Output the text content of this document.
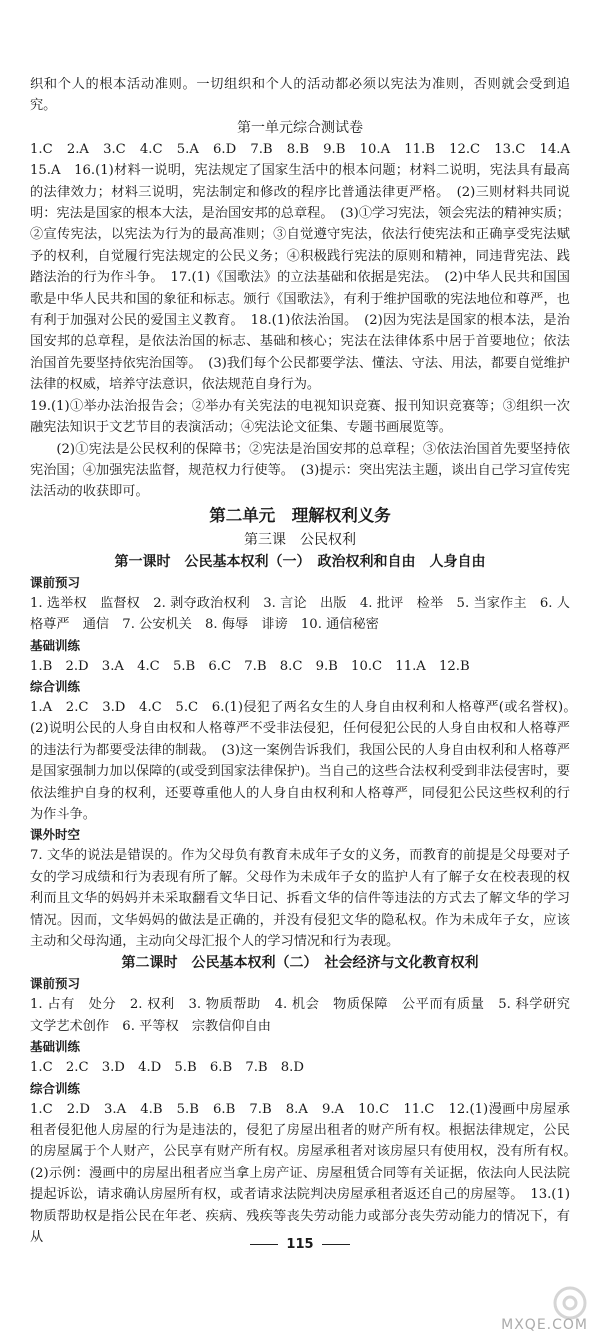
织和个人的根本活动准则。一切组织和个人的活动都必须以宪法为准则，否则就会受到追究。

第一单元综合测试卷

1.C　2.A　3.C　4.C　5.A　6.D　7.B　8.B　9.B　10.A　11.B　12.C　13.C　14.A　15.A　16.(1)材料一说明，宪法规定了国家生活中的根本问题；材料二说明，宪法具有最高的法律效力；材料三说明，宪法制定和修改的程序比普通法律更严格。　(2)三则材料共同说明：宪法是国家的根本大法，是治国安邦的总章程。　(3)①学习宪法，领会宪法的精神实质；②宣传宪法，以宪法为行为的最高准则；③自觉遵守宪法，依法行使宪法和正确享受宪法赋予的权利，自觉履行宪法规定的公民义务；④积极践行宪法的原则和精神，同违背宪法、践踏法治的行为作斗争。　17.(1)《国歌法》的立法基础和依据是宪法。　(2)中华人民共和国国歌是中华人民共和国的象征和标志。颁行《国歌法》，有利于维护国歌的宪法地位和尊严，也有利于加强对公民的爱国主义教育。　18.(1)依法治国。　(2)因为宪法是国家的根本法，是治国安邦的总章程，是依法治国的标志、基础和核心；宪法在法律体系中居于首要地位；依法治国首先要坚持依宪治国等。　(3)我们每个公民都要学法、懂法、守法、用法，都要自觉维护法律的权威，培养守法意识，依法规范自身行为。

19.(1)①举办法治报告会；②举办有关宪法的电视知识竞赛、报刊知识竞赛等；③组织一次融宪法知识于文艺节目的表演活动；④宪法论文征集、专题书画展览等。

(2)①宪法是公民权利的保障书；②宪法是治国安邦的总章程；③依法治国首先要坚持依宪治国；④加强宪法监督，规范权力行使等。　(3)提示：突出宪法主题，谈出自己学习宣传宪法活动的收获即可。

第二单元　理解权利义务

第三课　公民权利

第一课时　公民基本权利（一）　政治权利和自由　人身自由

课前预习

1. 选举权　监督权　2. 剥夺政治权利　3. 言论　出版　4. 批评　检举　5. 当家作主　6. 人格尊严　通信　7. 公安机关　8. 侮辱　诽谤　10. 通信秘密

基础训练

1.B　2.D　3.A　4.C　5.B　6.C　7.B　8.C　9.B　10.C　11.A　12.B

综合训练

1.A　2.C　3.D　4.C　5.C　6.(1)侵犯了两名女生的人身自由权利和人格尊严(或名誉权)。　(2)说明公民的人身自由权和人格尊严不受非法侵犯，任何侵犯公民的人身自由权和人格尊严的违法行为都要受法律的制裁。　(3)这一案例告诉我们，我国公民的人身自由权利和人格尊严是国家强制力加以保障的(或受到国家法律保护)。当自己的这些合法权利受到非法侵害时，要依法维护自身的权利，还要尊重他人的人身自由权利和人格尊严，同侵犯公民这些权利的行为作斗争。

课外时空

7. 文华的说法是错误的。作为父母负有教育未成年子女的义务，而教育的前提是父母要对子女的学习成绩和行为表现有所了解。父母作为未成年子女的监护人有了解子女在校表现的权利而且文华的妈妈并未采取翻看文华日记、拆看文华的信件等违法的方式去了解文华的学习情况。因而，文华妈妈的做法是正确的，并没有侵犯文华的隐私权。作为未成年子女，应该主动和父母沟通，主动向父母汇报个人的学习情况和行为表现。

第二课时　公民基本权利（二）　社会经济与文化教育权利

课前预习

1. 占有　处分　2. 权利　3. 物质帮助　4. 机会　物质保障　公平而有质量　5. 科学研究　文学艺术创作　6. 平等权　宗教信仰自由

基础训练

1.C　2.C　3.D　4.D　5.B　6.B　7.B　8.D

综合训练

1.C　2.D　3.A　4.B　5.B　6.B　7.B　8.A　9.A　10.C　11.C　12.(1)漫画中房屋承租者侵犯他人房屋的行为是违法的，侵犯了房屋出租者的财产所有权。根据法律规定，公民的房屋属于个人财产，公民享有财产所有权。房屋承租者对该房屋只有使用权，没有所有权。　(2)示例：漫画中的房屋出租者应当拿上房产证、房屋租赁合同等有关证据，依法向人民法院提起诉讼，请求确认房屋所有权，或者请求法院判决房屋承租者返还自己的房屋等。　13.(1)物质帮助权是指公民在年老、疾病、残疾等丧失劳动能力或部分丧失劳动能力的情况下，有从	115
MXQE.COM
